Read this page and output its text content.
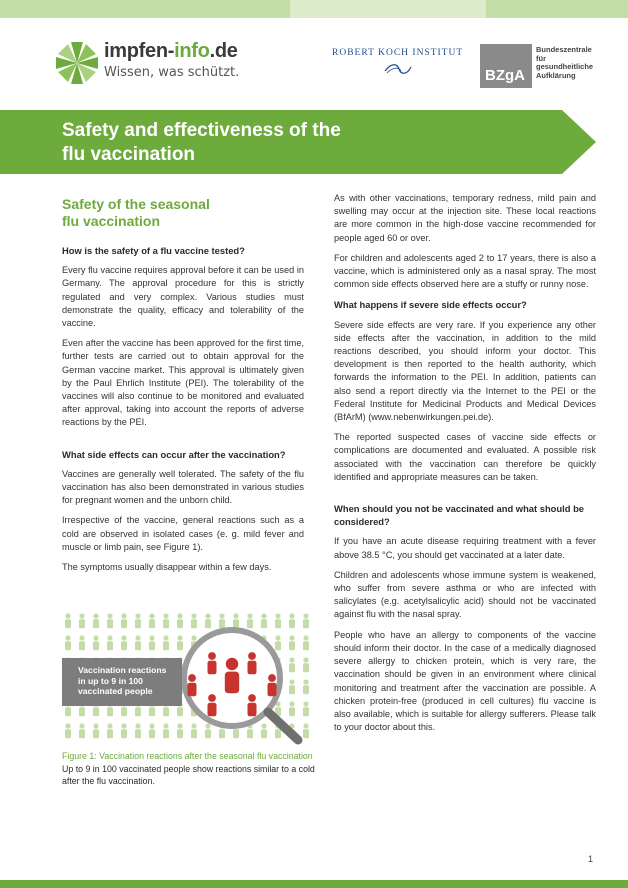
impfen-info.de
Wissen, was schützt.
ROBERT KOCH INSTITUT
BZgA
Bundeszentrale
für
gesundheitliche
Aufklärung
Safety and effectiveness of the
flu vaccination
Safety of the seasonal
flu vaccination
How is the safety of a flu vaccine tested?

Every flu vaccine requires approval before it can be used in Germany. The approval procedure for this is strictly regulated and very complex. Various studies must demonstrate the quality, efficacy and tolerability of the vaccine.

Even after the vaccine has been approved for the first time, further tests are carried out to obtain approval for the German vaccine market. This approval is ultimately given by the Paul Ehrlich Institute (PEI). The tolerability of the vaccines will also continue to be monitored and evaluated after approval, taking into account the reports of adverse reactions by the PEI.

What side effects can occur after the vaccination?

Vaccines are generally well tolerated. The safety of the flu vaccination has also been demonstrated in various studies for pregnant women and the unborn child.

Irrespective of the vaccine, general reactions such as a cold are observed in isolated cases (e. g. mild fever and muscle or limb pain, see Figure 1).

The symptoms usually disappear within a few days.

Vaccination reactions
in up to 9 in 100
vaccinated people
Figure 1: Vaccination reactions after the seasonal flu vaccination
Up to 9 in 100 vaccinated people show reactions similar to a cold after the flu vaccination.

As with other vaccinations, temporary redness, mild pain and swelling may occur at the injection site. These local reactions are more common in the high-dose vaccine recommended for people aged 60 or over.

For children and adolescents aged 2 to 17 years, there is also a vaccine, which is administered only as a nasal spray. The most common side effects observed here are a stuffy or runny nose.

What happens if severe side effects occur?

Severe side effects are very rare. If you experience any other side effects after the vaccination, in addition to the mild reactions described, you should inform your doctor. This development is then reported to the health authority, which forwards the information to the PEI. In addition, patients can also send a report directly via the Internet to the PEI or the Federal Institute for Medicinal Products and Medical Devices (BfArM) (www.nebenwirkungen.pei.de).

The reported suspected cases of vaccine side effects or complications are documented and evaluated. A possible risk associated with the vaccination can therefore be quickly identified and appropriate measures can be taken.

When should you not be vaccinated and what should be considered?

If you have an acute disease requiring treatment with a fever above 38.5 °C, you should get vaccinated at a later date.

Children and adolescents whose immune system is weakened, who suffer from severe asthma or who are infected with salicylates (e.g. acetylsalicylic acid) should not be vaccinated against flu with the nasal spray.

People who have an allergy to components of the vaccine should inform their doctor. In the case of a medically diagnosed severe allergy to chicken protein, which is very rare, the vaccination should be given in an environment where clinical monitoring and treatment after the vaccination are possible. A chicken protein-free (produced in cell cultures) flu vaccine is also available, which is suitable for allergy sufferers. Please talk to your doctor about this.

1
